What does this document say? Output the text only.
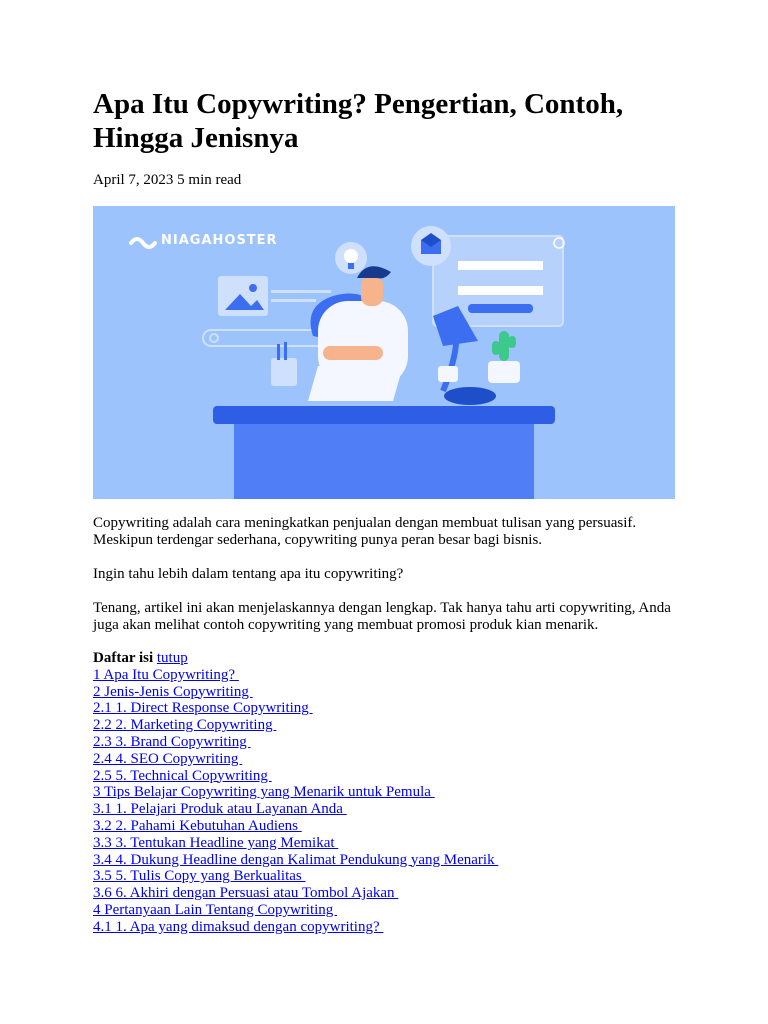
Apa Itu Copywriting? Pengertian, Contoh, Hingga Jenisnya
April 7, 2023 5 min read
NIAGAHOSTER

Copywriting adalah cara meningkatkan penjualan dengan membuat tulisan yang persuasif. Meskipun terdengar sederhana, copywriting punya peran besar bagi bisnis.

Ingin tahu lebih dalam tentang apa itu copywriting?

Tenang, artikel ini akan menjelaskannya dengan lengkap. Tak hanya tahu arti copywriting, Anda juga akan melihat contoh copywriting yang membuat promosi produk kian menarik.

Daftar isi tutup
1 Apa Itu Copywriting?
2 Jenis-Jenis Copywriting
2.1 1. Direct Response Copywriting
2.2 2. Marketing Copywriting
2.3 3. Brand Copywriting
2.4 4. SEO Copywriting
2.5 5. Technical Copywriting
3 Tips Belajar Copywriting yang Menarik untuk Pemula
3.1 1. Pelajari Produk atau Layanan Anda
3.2 2. Pahami Kebutuhan Audiens
3.3 3. Tentukan Headline yang Memikat
3.4 4. Dukung Headline dengan Kalimat Pendukung yang Menarik
3.5 5. Tulis Copy yang Berkualitas
3.6 6. Akhiri dengan Persuasi atau Tombol Ajakan
4 Pertanyaan Lain Tentang Copywriting
4.1 1. Apa yang dimaksud dengan copywriting?
